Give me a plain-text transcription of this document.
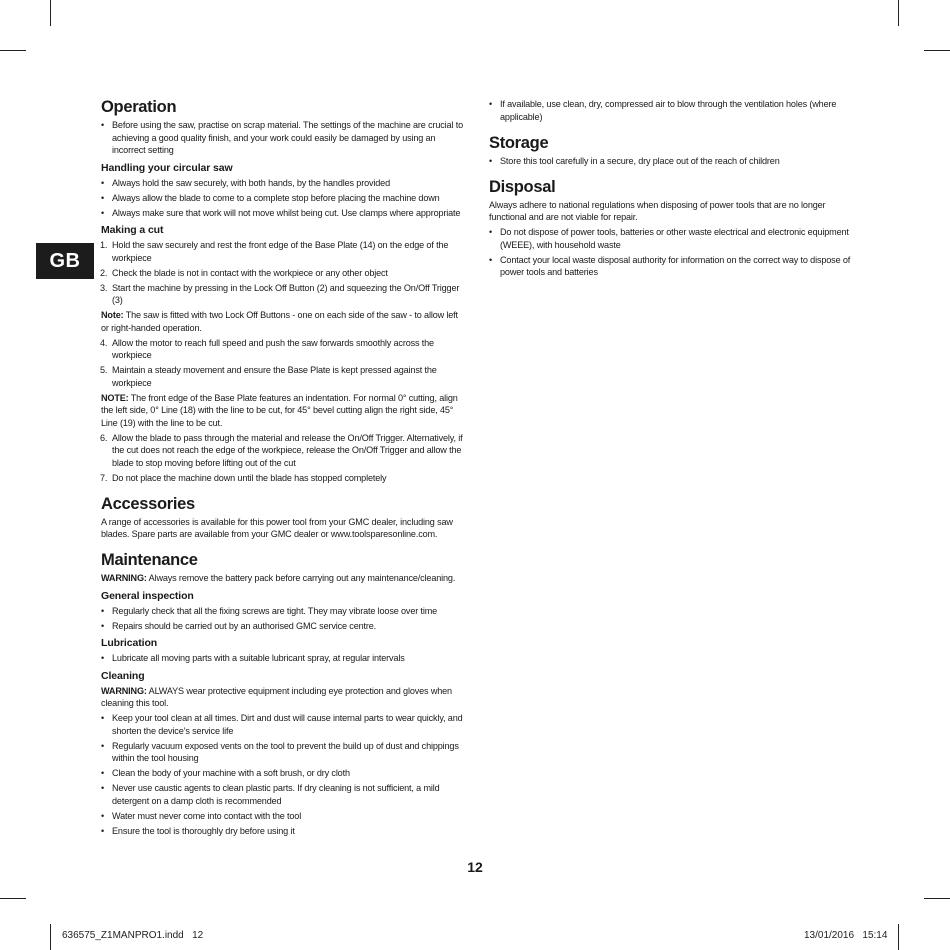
GB
Operation
• Before using the saw, practise on scrap material. The settings of the machine are crucial to achieving a good quality finish, and your work could easily be damaged by using an incorrect setting
Handling your circular saw
• Always hold the saw securely, with both hands, by the handles provided
• Always allow the blade to come to a complete stop before placing the machine down
• Always make sure that work will not move whilst being cut. Use clamps where appropriate
Making a cut
1. Hold the saw securely and rest the front edge of the Base Plate (14) on the edge of the workpiece
2. Check the blade is not in contact with the workpiece or any other object
3. Start the machine by pressing in the Lock Off Button (2) and squeezing the On/Off Trigger (3)

Note: The saw is fitted with two Lock Off Buttons - one on each side of the saw - to allow left or right-handed operation.

4. Allow the motor to reach full speed and push the saw forwards smoothly across the workpiece
5. Maintain a steady movement and ensure the Base Plate is kept pressed against the workpiece

NOTE: The front edge of the Base Plate features an indentation. For normal 0° cutting, align the left side, 0° Line (18) with the line to be cut, for 45° bevel cutting align the right side, 45° Line (19) with the line to be cut.

6. Allow the blade to pass through the material and release the On/Off Trigger. Alternatively, if the cut does not reach the edge of the workpiece, release the On/Off Trigger and allow the blade to stop moving before lifting out of the cut
7. Do not place the machine down until the blade has stopped completely
Accessories

A range of accessories is available for this power tool from your GMC dealer, including saw blades. Spare parts are available from your GMC dealer or www.toolsparesonline.com.

Maintenance

WARNING: Always remove the battery pack before carrying out any maintenance/cleaning.

General inspection
• Regularly check that all the fixing screws are tight. They may vibrate loose over time
• Repairs should be carried out by an authorised GMC service centre.
Lubrication
• Lubricate all moving parts with a suitable lubricant spray, at regular intervals
Cleaning

WARNING: ALWAYS wear protective equipment including eye protection and gloves when cleaning this tool.

• Keep your tool clean at all times. Dirt and dust will cause internal parts to wear quickly, and shorten the device’s service life
• Regularly vacuum exposed vents on the tool to prevent the build up of dust and chippings within the tool housing
• Clean the body of your machine with a soft brush, or dry cloth
• Never use caustic agents to clean plastic parts. If dry cleaning is not sufficient, a mild detergent on a damp cloth is recommended
• Water must never come into contact with the tool
• Ensure the tool is thoroughly dry before using it
• If available, use clean, dry, compressed air to blow through the ventilation holes (where applicable)
Storage
• Store this tool carefully in a secure, dry place out of the reach of children
Disposal

Always adhere to national regulations when disposing of power tools that are no longer functional and are not viable for repair.

• Do not dispose of power tools, batteries or other waste electrical and electronic equipment (WEEE), with household waste
• Contact your local waste disposal authority for information on the correct way to dispose of power tools and batteries
12
636575_Z1MANPRO1.indd   12	13/01/2016   15:14
